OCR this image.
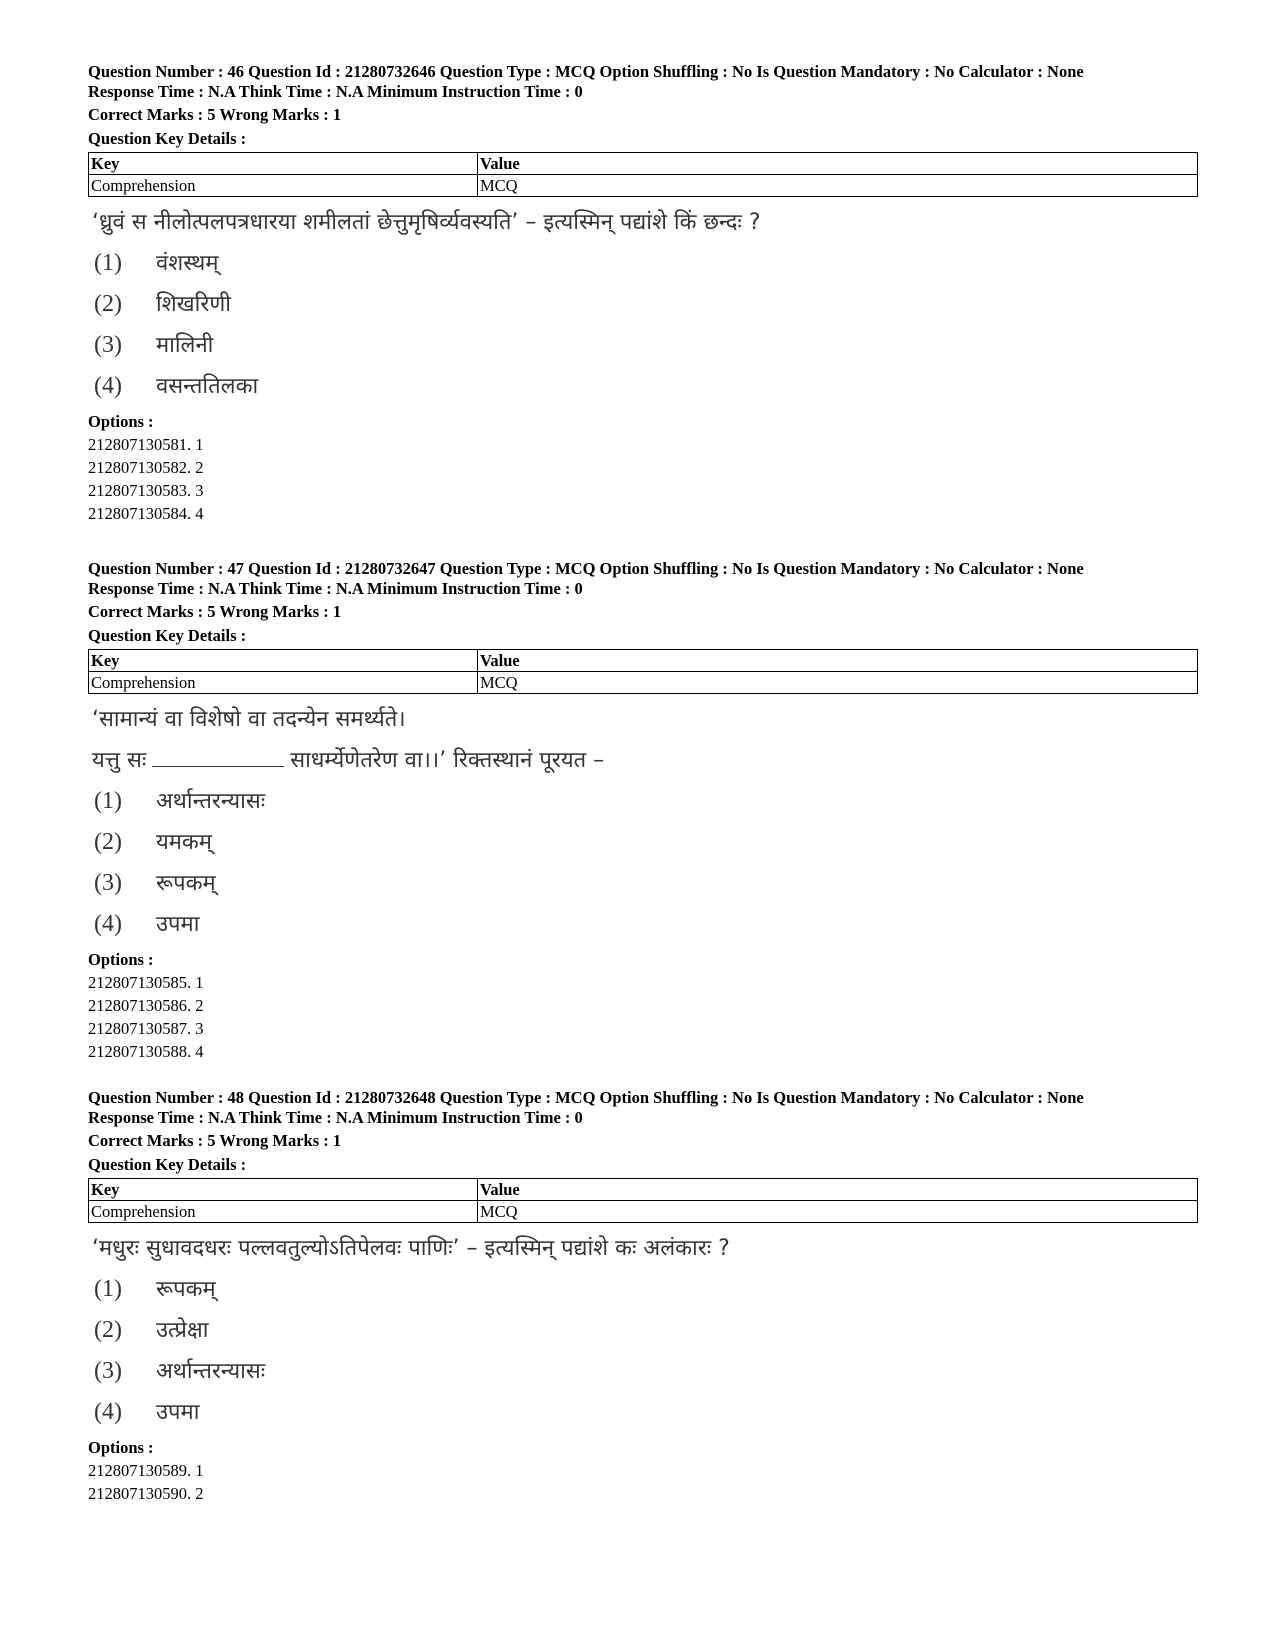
Question Number : 46 Question Id : 21280732646 Question Type : MCQ Option Shuffling : No Is Question Mandatory : No Calculator : None
Response Time : N.A Think Time : N.A Minimum Instruction Time : 0
Correct Marks : 5 Wrong Marks : 1
Question Key Details :
Key	Value
Comprehension	MCQ
‘ध्रुवं स नीलोत्पलपत्रधारया शमीलतां छेत्तुमृषिर्व्यवस्यति’ – इत्यस्मिन् पद्यांशे किं छन्दः ?
(1) वंशस्थम्
(2) शिखरिणी
(3) मालिनी
(4) वसन्ततिलका
Options :
212807130581. 1
212807130582. 2
212807130583. 3
212807130584. 4
Question Number : 47 Question Id : 21280732647 Question Type : MCQ Option Shuffling : No Is Question Mandatory : No Calculator : None
Response Time : N.A Think Time : N.A Minimum Instruction Time : 0
Correct Marks : 5 Wrong Marks : 1
Question Key Details :
Key	Value
Comprehension	MCQ
‘सामान्यं वा विशेषो वा तदन्येन समर्थ्यते।
यत्तु सः	साधर्म्येणेतरेण वा।।’ रिक्तस्थानं पूरयत –
(1) अर्थान्तरन्यासः
(2) यमकम्
(3) रूपकम्
(4) उपमा
Options :
212807130585. 1
212807130586. 2
212807130587. 3
212807130588. 4
Question Number : 48 Question Id : 21280732648 Question Type : MCQ Option Shuffling : No Is Question Mandatory : No Calculator : None
Response Time : N.A Think Time : N.A Minimum Instruction Time : 0
Correct Marks : 5 Wrong Marks : 1
Question Key Details :
Key	Value
Comprehension	MCQ
‘मधुरः सुधावदधरः पल्लवतुल्योऽतिपेलवः पाणिः’ – इत्यस्मिन् पद्यांशे कः अलंकारः ?
(1) रूपकम्
(2) उत्प्रेक्षा
(3) अर्थान्तरन्यासः
(4) उपमा
Options :
212807130589. 1
212807130590. 2
